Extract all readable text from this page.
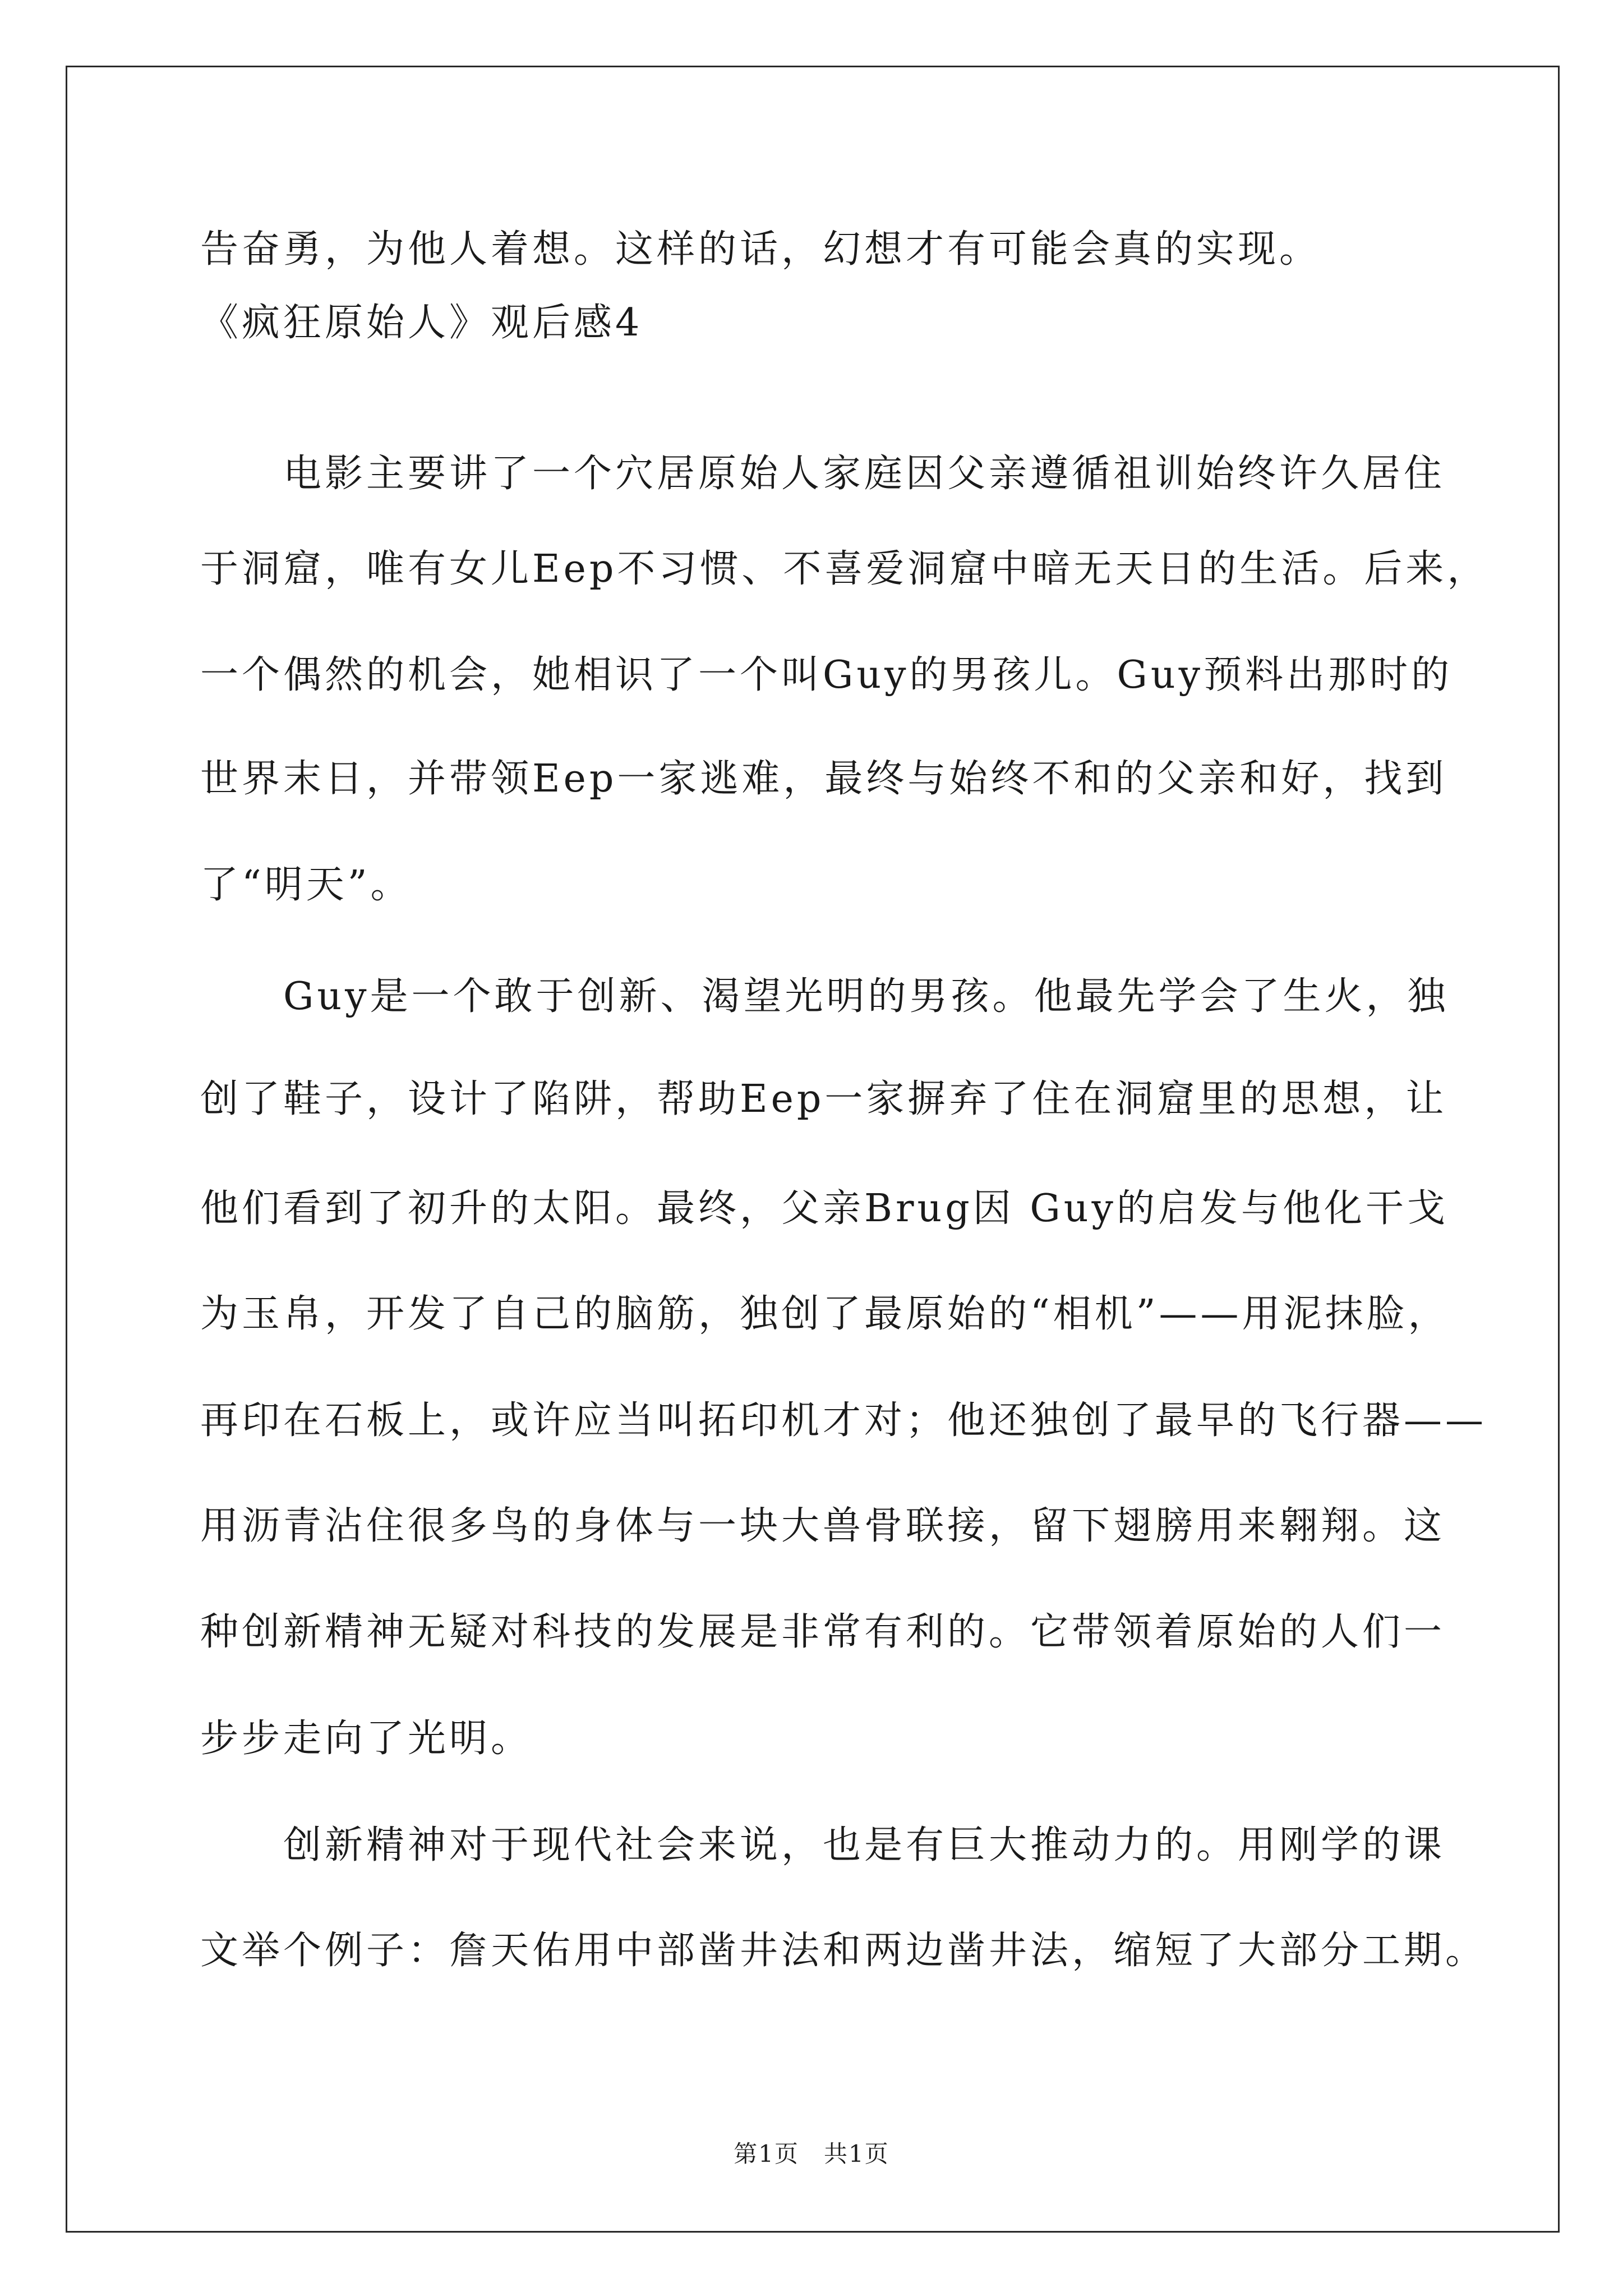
告奋勇，为他人着想。这样的话，幻想才有可能会真的实现。
《疯狂原始人》观后感4
　　电影主要讲了一个穴居原始人家庭因父亲遵循祖训始终许久居住
于洞窟，唯有女儿Eep不习惯、不喜爱洞窟中暗无天日的生活。后来，
一个偶然的机会，她相识了一个叫Guy的男孩儿。Guy预料出那时的
世界末日，并带领Eep一家逃难，最终与始终不和的父亲和好，找到
了“明天”。
　　Guy是一个敢于创新、渴望光明的男孩。他最先学会了生火，独
创了鞋子，设计了陷阱，帮助Eep一家摒弃了住在洞窟里的思想，让
他们看到了初升的太阳。最终，父亲Brug因 Guy的启发与他化干戈
为玉帛，开发了自己的脑筋，独创了最原始的“相机”——用泥抹脸，
再印在石板上，或许应当叫拓印机才对；他还独创了最早的飞行器——
用沥青沾住很多鸟的身体与一块大兽骨联接，留下翅膀用来翱翔。这
种创新精神无疑对科技的发展是非常有利的。它带领着原始的人们一
步步走向了光明。
　　创新精神对于现代社会来说，也是有巨大推动力的。用刚学的课
文举个例子：詹天佑用中部凿井法和两边凿井法，缩短了大部分工期。
第1页　共1页
